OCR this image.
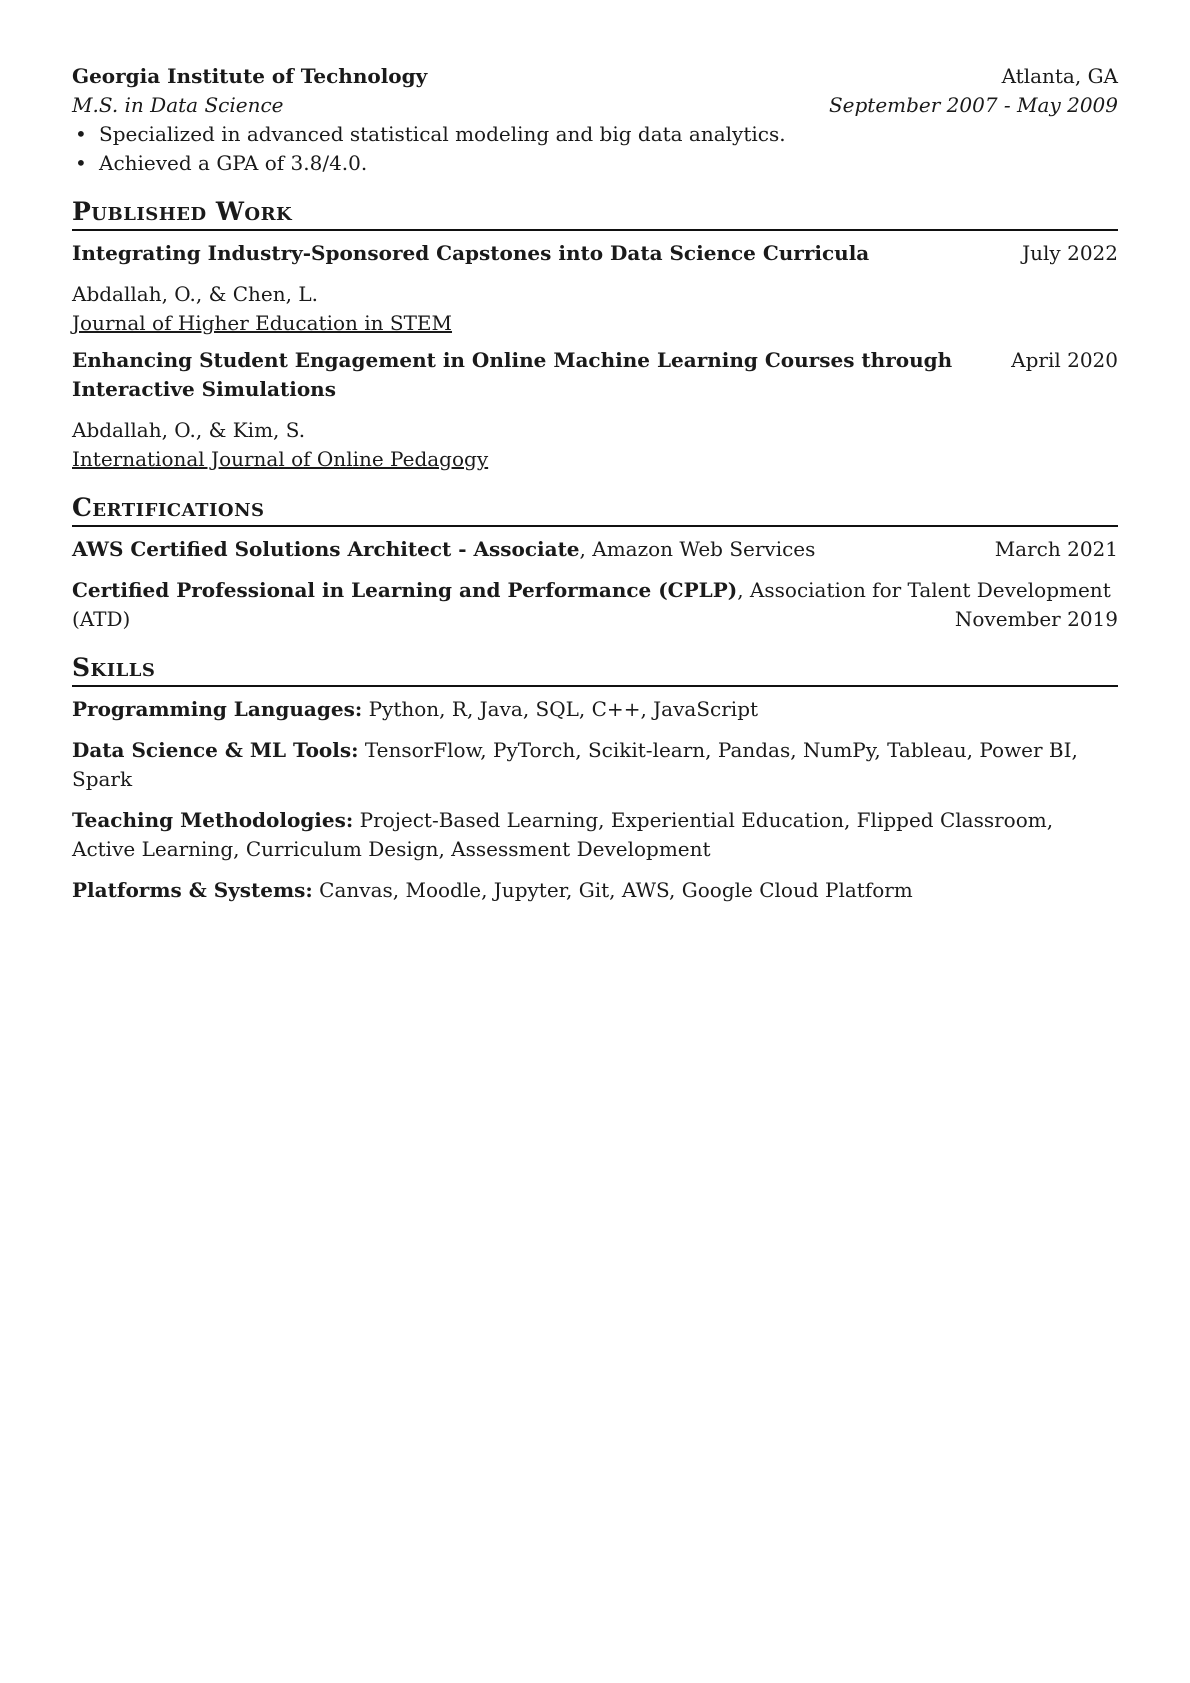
Georgia Institute of Technology	Atlanta, GA
M.S. in Data Science	September 2007 - May 2009
• Specialized in advanced statistical modeling and big data analytics.
• Achieved a GPA of 3.8/4.0.
Published Work
Integrating Industry-Sponsored Capstones into Data Science Curricula	July 2022
Abdallah, O., & Chen, L.
Journal of Higher Education in STEM
Enhancing Student Engagement in Online Machine Learning Courses through Interactive Simulations
April 2020
Abdallah, O., & Kim, S.
International Journal of Online Pedagogy
Certifications
AWS Certified Solutions Architect - Associate, Amazon Web Services	March 2021
Certified Professional in Learning and Performance (CPLP), Association for Talent Development (ATD)	November 2019
Skills
Programming Languages: Python, R, Java, SQL, C++, JavaScript
Data Science & ML Tools: TensorFlow, PyTorch, Scikit-learn, Pandas, NumPy, Tableau, Power BI, Spark
Teaching Methodologies: Project-Based Learning, Experiential Education, Flipped Classroom, Active Learning, Curriculum Design, Assessment Development
Platforms & Systems: Canvas, Moodle, Jupyter, Git, AWS, Google Cloud Platform
